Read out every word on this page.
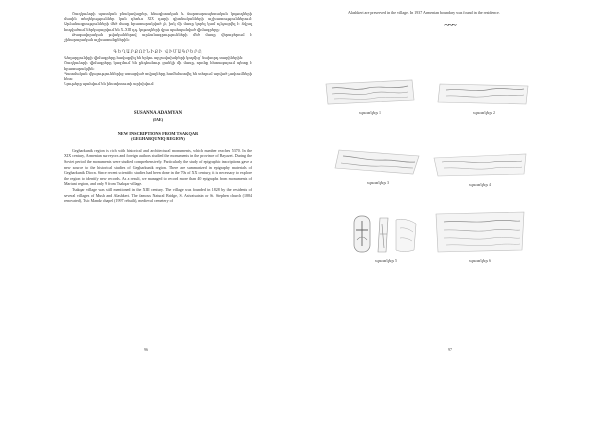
Ծաղկաձորի պատկան բնակավայրեր, հնագիտական և ճարտարապետական կոթողների մասին տեղեկություններ կան դեռևս XIX դարի գիտնականների աշխատություններում: Արձանագրությունների մեծ մասը հրատարակված չէ, իսկ մի մասը կորել կամ ոչնչացվել է: Տվյալ հոդվածում ներկայացվում են X–XIII դդ. կոթողների վրա պահպանված վիմագրերը:

Թագավորական թվականներով արձանագրությունների մեծ մասը վերաբերում է շինարարական աշխատանքներին:

ԳԵՂԱՐՔՈՒՆԻՔԻ ՎԻՄԱԳՐԵՐԸ

Գեղարքունիքի վիմագրերը հավաքվել են երկու արշավախմբերի կողմից՝ նախորդ տարիներին:

Ծաղկաձորի վիմագրերը կազմում են ընդհանուր ցանկի մի մասը, որոնք հետագայում պետք է հրատարակվեն:

Պատմական վկայություններից ստացված տվյալները համեմատվել են տեղում արված չափումների հետ:

Նյութերը պահվում են ինստիտուտի արխիվում:

SUSANNA ADAMYAN
(IAE)
NEW INSCRIPTIONS FROM TSAKQAR
(GEGHARQUNIQ REGION)

Gegharkunik region is rich with historical and architectural monuments, which number reaches 5370. In the XIX century, Armenian surveyors and foreign authors studied the monuments in the province of Bayazet. During the Soviet period the monuments were studied comprehensively. Particularly the study of epigraphic inscriptions gave a new source to the historical studies of Gegharkunik region. There are summarized in epigraphy materials of Gegharkunik Diocn. Since recent scientific studies had been done in the 70s of XX century, it is necessary to explore the region to identify new records. As a result, we managed to record more than 40 epigraphs from monuments of Martuni region, and only 9 from Tsakqar village.

Tsakqar village was still mentioned in the XIII century. The village was founded in 1828 by the residents of several villages of Mush and Alashkert. The famous Natural Bridge, S. Astvatsatsin or St. Stephen church (1884 renovated), Tsic Mandz chapel (1997 rebuilt), medieval cemetery of

96

Alashkert are preserved in the village. In 1937 Armenian boundary was found in the residence.

~~~
պատկեր 1	պատկեր 2
պատկեր 3	պատկեր 4
պատկեր 5	պատկեր 6
97
